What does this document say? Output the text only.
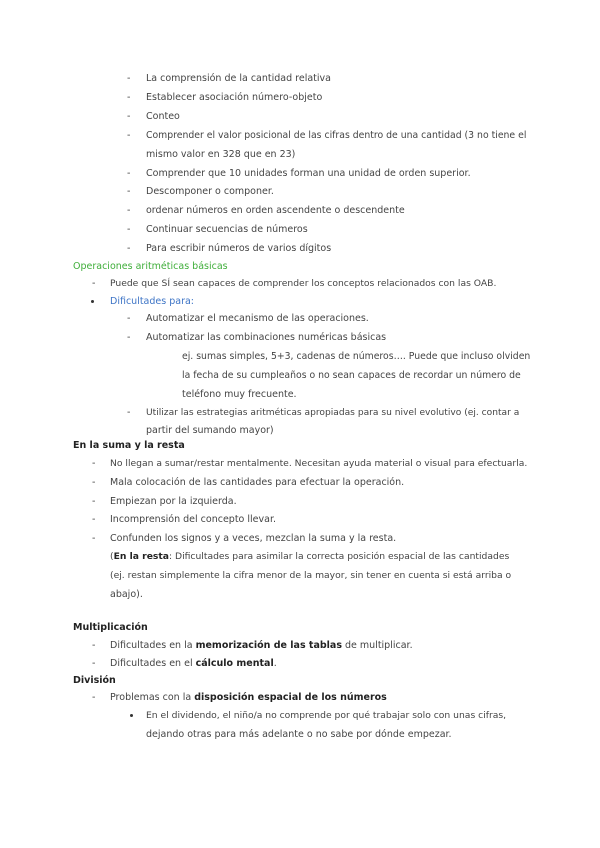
- La comprensión de la cantidad relativa
- Establecer asociación número-objeto
- Conteo
- Comprender el valor posicional de las cifras dentro de una cantidad (3 no tiene el
mismo valor en 328 que en 23)
- Comprender que 10 unidades forman una unidad de orden superior.
- Descomponer o componer.
- ordenar números en orden ascendente o descendente
- Continuar secuencias de números
- Para escribir números de varios dígitos
Operaciones aritméticas básicas
- Puede que SÍ sean capaces de comprender los conceptos relacionados con las OAB.
Dificultades para:
- Automatizar el mecanismo de las operaciones.
- Automatizar las combinaciones numéricas básicas
ej. sumas simples, 5+3, cadenas de números…. Puede que incluso olviden
la fecha de su cumpleaños o no sean capaces de recordar un número de
teléfono muy frecuente.
- Utilizar las estrategias aritméticas apropiadas para su nivel evolutivo (ej. contar a
partir del sumando mayor)
En la suma y la resta
- No llegan a sumar/restar mentalmente. Necesitan ayuda material o visual para efectuarla.
- Mala colocación de las cantidades para efectuar la operación.
- Empiezan por la izquierda.
- Incomprensión del concepto llevar.
- Confunden los signos y a veces, mezclan la suma y la resta.
(En la resta: Dificultades para asimilar la correcta posición espacial de las cantidades
(ej. restan simplemente la cifra menor de la mayor, sin tener en cuenta si está arriba o
abajo).
Multiplicación
- Dificultades en la memorización de las tablas de multiplicar.
- Dificultades en el cálculo mental.
División
- Problemas con la disposición espacial de los números
En el dividendo, el niño/a no comprende por qué trabajar solo con unas cifras,
dejando otras para más adelante o no sabe por dónde empezar.
